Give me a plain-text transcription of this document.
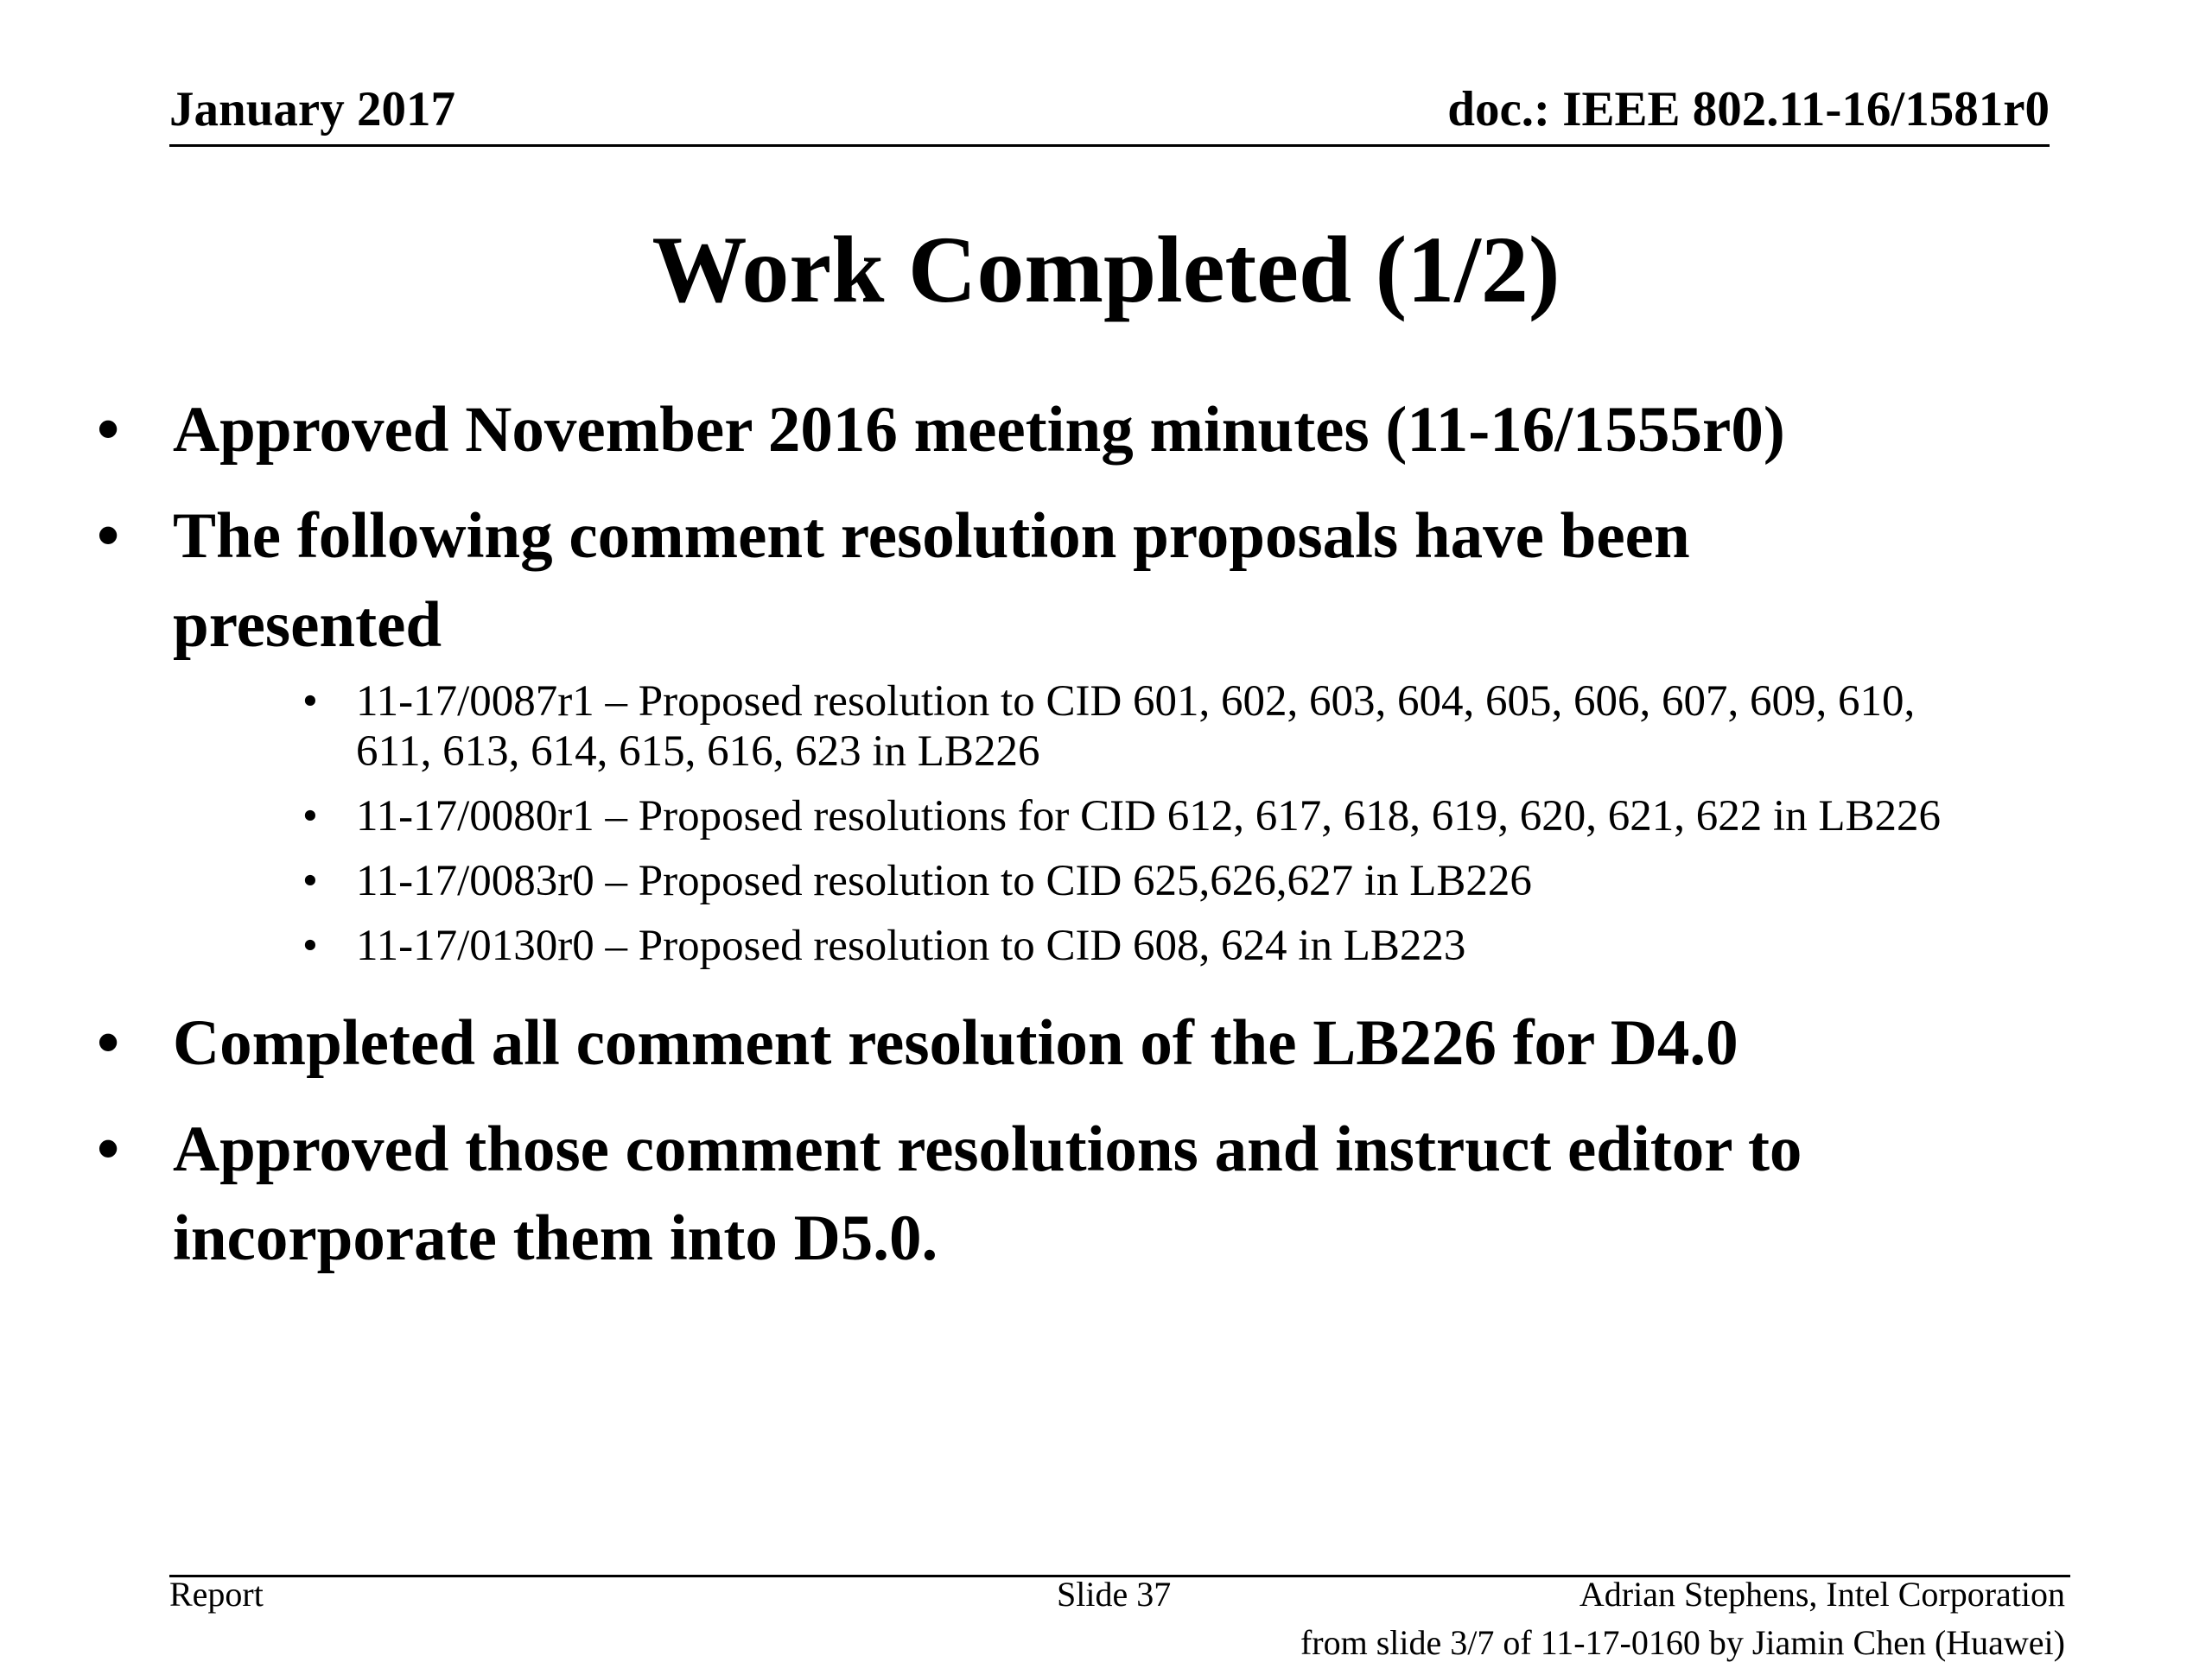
January 2017	doc.: IEEE 802.11-16/1581r0
Work Completed (1/2)
• Approved November 2016 meeting minutes (11-16/1555r0)
• The following comment resolution proposals have been
presented
• 11-17/0087r1 – Proposed resolution to CID 601, 602, 603, 604, 605, 606, 607, 609, 610,
611, 613, 614, 615, 616, 623 in LB226
• 11-17/0080r1 – Proposed resolutions for CID 612, 617, 618, 619, 620, 621, 622 in LB226
• 11-17/0083r0 – Proposed resolution to CID 625,626,627 in LB226
• 11-17/0130r0 – Proposed resolution to CID 608, 624 in LB223
• Completed all comment resolution of the LB226 for D4.0
• Approved those comment resolutions and instruct editor to
incorporate them into D5.0.
Report	Slide 37	Adrian Stephens, Intel Corporation
from slide 3/7 of 11-17-0160 by Jiamin Chen (Huawei)
